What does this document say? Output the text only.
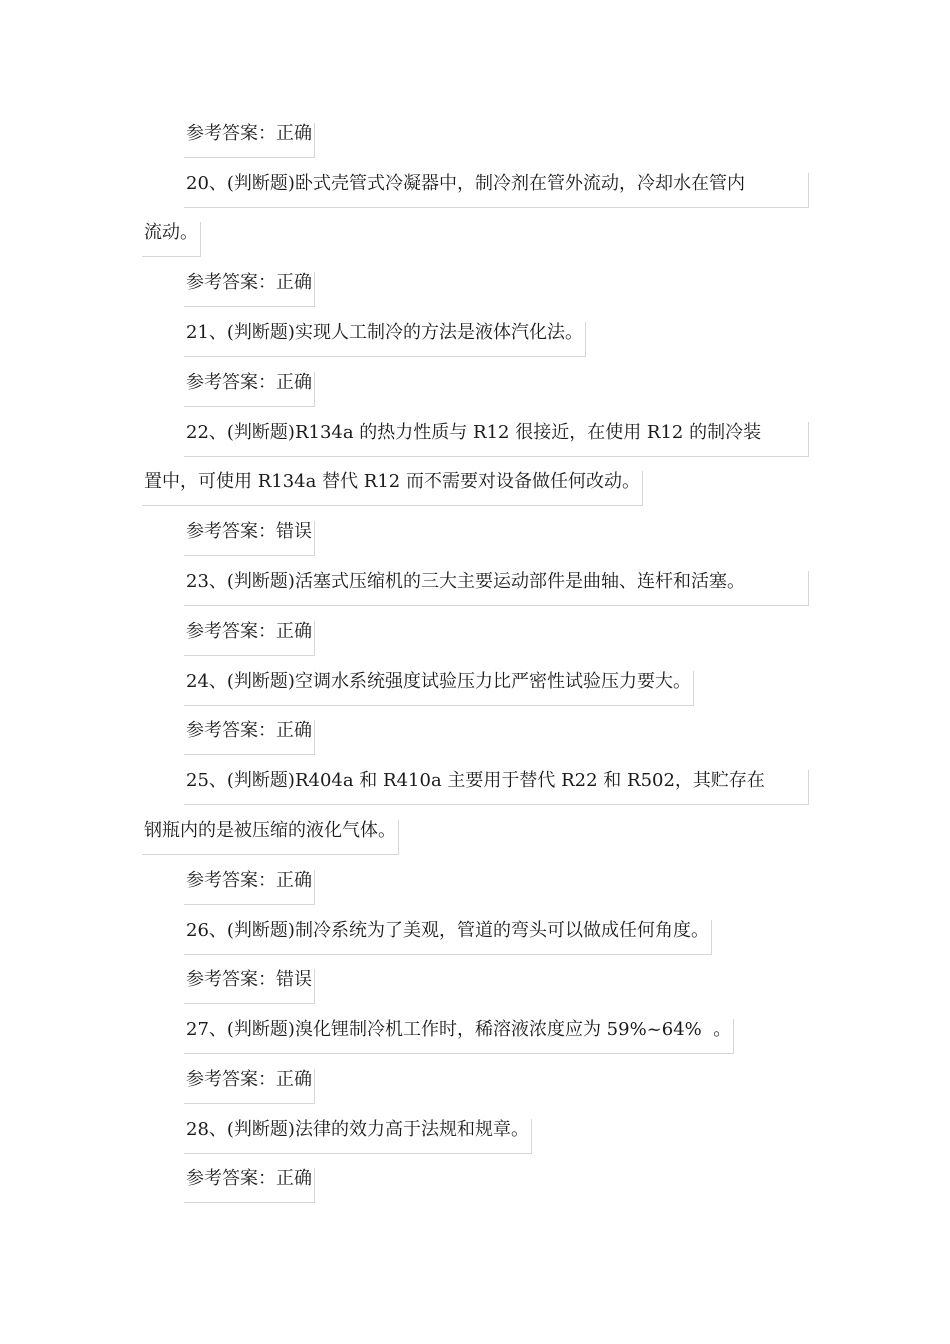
参考答案：正确
20、(判断题)卧式壳管式冷凝器中，制冷剂在管外流动，冷却水在管内
流动。
参考答案：正确
21、(判断题)实现人工制冷的方法是液体汽化法。
参考答案：正确
22、(判断题)R134a 的热力性质与 R12 很接近，在使用 R12 的制冷装
置中，可使用 R134a 替代 R12 而不需要对设备做任何改动。
参考答案：错误
23、(判断题)活塞式压缩机的三大主要运动部件是曲轴、连杆和活塞。
参考答案：正确
24、(判断题)空调水系统强度试验压力比严密性试验压力要大。
参考答案：正确
25、(判断题)R404a 和 R410a 主要用于替代 R22 和 R502，其贮存在
钢瓶内的是被压缩的液化气体。
参考答案：正确
26、(判断题)制冷系统为了美观，管道的弯头可以做成任何角度。
参考答案：错误
27、(判断题)溴化锂制冷机工作时，稀溶液浓度应为 59%~64%  。
参考答案：正确
28、(判断题)法律的效力高于法规和规章。
参考答案：正确
